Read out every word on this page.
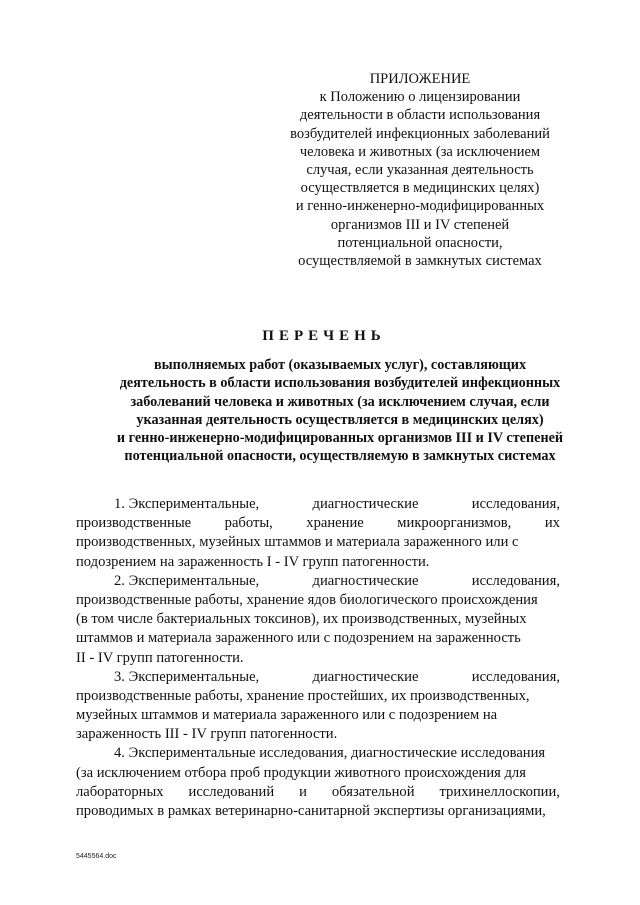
ПРИЛОЖЕНИЕ
к Положению о лицензировании
деятельности в области использования
возбудителей инфекционных заболеваний
человека и животных (за исключением
случая, если указанная деятельность
осуществляется в медицинских целях)
и генно-инженерно-модифицированных
организмов III и IV степеней
потенциальной опасности,
осуществляемой в замкнутых системах
ПЕРЕЧЕНЬ
выполняемых работ (оказываемых услуг), составляющих
деятельность в области использования возбудителей инфекционных
заболеваний человека и животных (за исключением случая, если
указанная деятельность осуществляется в медицинских целях)
и генно-инженерно-модифицированных организмов III и IV степеней
потенциальной опасности, осуществляемую в замкнутых системах
1. Экспериментальные,	диагностические	исследования,
производственные работы, хранение микроорганизмов, их
производственных, музейных штаммов и материала зараженного или с
подозрением на зараженность I - IV групп патогенности.
2. Экспериментальные,	диагностические	исследования,
производственные работы, хранение ядов биологического происхождения
(в том числе бактериальных токсинов), их производственных, музейных
штаммов и материала зараженного или с подозрением на зараженность
II - IV групп патогенности.
3. Экспериментальные,	диагностические	исследования,
производственные работы, хранение простейших, их производственных,
музейных штаммов и материала зараженного или с подозрением на
зараженность III - IV групп патогенности.
4. Экспериментальные исследования, диагностические исследования
(за исключением отбора проб продукции животного происхождения для
лабораторных исследований и обязательной трихинеллоскопии,
проводимых в рамках ветеринарно-санитарной экспертизы организациями,
5445564.doc
